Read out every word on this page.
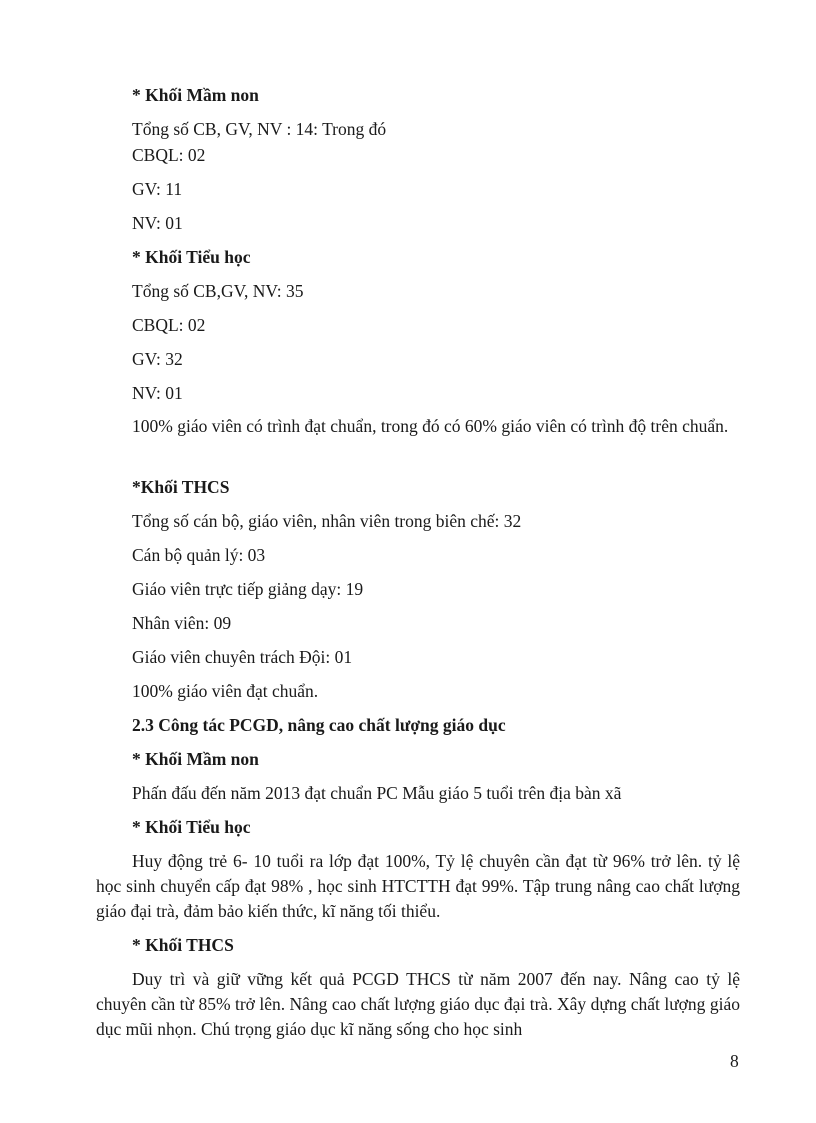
* Khối Mầm non

Tổng số CB, GV, NV : 14: Trong đó

CBQL: 02

GV: 11

NV: 01

* Khối Tiểu học

Tổng số CB,GV, NV: 35

CBQL: 02

GV: 32

NV: 01

100% giáo viên có trình đạt chuẩn, trong đó có 60% giáo viên có trình độ trên chuẩn.

*Khối THCS

Tổng số cán bộ, giáo viên, nhân viên trong biên chế: 32

Cán bộ quản lý: 03

Giáo viên trực tiếp giảng dạy: 19

Nhân viên: 09

Giáo viên chuyên trách Đội: 01

100% giáo viên đạt chuẩn.

2.3 Công tác PCGD, nâng cao chất lượng giáo dục

* Khối Mầm non

Phấn đấu đến năm 2013 đạt chuẩn PC Mẫu giáo 5 tuổi trên địa bàn xã

* Khối Tiểu học

Huy động trẻ 6- 10 tuổi ra lớp đạt 100%, Tỷ lệ chuyên cần đạt từ 96% trở lên. tỷ lệ học sinh chuyển cấp đạt 98% , học sinh HTCTTH đạt 99%. Tập trung nâng cao chất lượng giáo đại trà, đảm bảo kiến thức, kĩ năng tối thiểu.

* Khối THCS

Duy trì và giữ vững kết quả PCGD THCS từ năm 2007 đến nay. Nâng cao tỷ lệ chuyên cần từ 85% trở lên. Nâng cao chất lượng giáo dục đại trà. Xây dựng chất lượng giáo dục mũi nhọn. Chú trọng giáo dục kĩ năng sống cho học sinh

8
